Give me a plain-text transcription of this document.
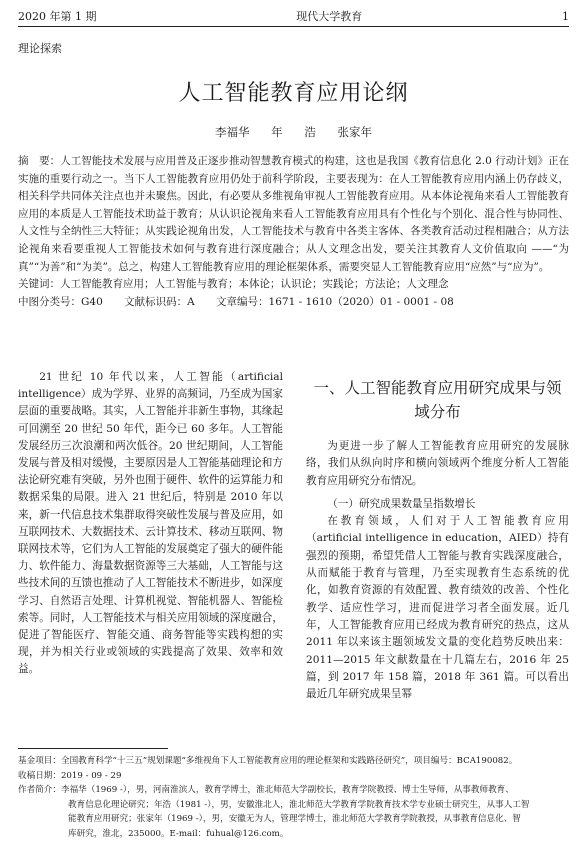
2020 年第 1 期	现代大学教育	1
理论探索
人工智能教育应用论纲
李福华 年 浩 张家年

摘　要：人工智能技术发展与应用普及正逐步推动智慧教育模式的构建，这也是我国《教育信息化 2.0 行动计划》正在实施的重要行动之一。当下人工智能教育应用仍处于前科学阶段，主要表现为：在人工智能教育应用内涵上仍存歧义，相关科学共同体关注点也并未聚焦。因此，有必要从多维视角审视人工智能教育应用。从本体论视角来看人工智能教育应用的本质是人工智能技术助益于教育；从认识论视角来看人工智能教育应用具有个性化与个别化、混合性与协同性、人文性与全纳性三大特征；从实践论视角出发，人工智能技术与教育中各类主客体、各类教育活动过程相融合；从方法论视角来看要重视人工智能技术如何与教育进行深度融合；从人文理念出发，要关注其教育人文价值取向 ——“为真”“为善”和“为美”。总之，构建人工智能教育应用的理论框架体系，需要突显人工智能教育应用“应然”与“应为”。

关键词：人工智能教育应用；人工智能与教育；本体论；认识论；实践论；方法论；人文理念

中图分类号：G40 文献标识码：A 文章编号：1671 - 1610（2020）01 - 0001 - 08

21 世纪 10 年代以来，人工智能（artificial intelligence）成为学界、业界的高频词，乃至成为国家层面的重要战略。其实，人工智能并非新生事物，其缘起可回溯至 20 世纪 50 年代，距今已 60 多年。人工智能发展经历三次浪潮和两次低谷。20 世纪期间，人工智能发展与普及相对缓慢，主要原因是人工智能基础理论和方法论研究难有突破，另外也囿于硬件、软件的运算能力和数据采集的局限。进入 21 世纪后，特别是 2010 年以来，新一代信息技术集群取得突破性发展与普及应用，如互联网技术、大数据技术、云计算技术、移动互联网、物联网技术等，它们为人工智能的发展奠定了强大的硬件能力、软件能力、海量数据资源等三大基础，人工智能与这些技术间的互馈也推动了人工智能技术不断进步，如深度学习、自然语言处理、计算机视觉、智能机器人、智能检索等。同时，人工智能技术与相关应用领域的深度融合，促进了智能医疗、智能交通、商务智能等实践构想的实现，并为相关行业或领域的实践提高了效果、效率和效益。

一、人工智能教育应用研究成果与领域分布

为更进一步了解人工智能教育应用研究的发展脉络，我们从纵向时序和横向领域两个维度分析人工智能教育应用研究分布情况。

（一）研究成果数量呈指数增长

在教育领域，人们对于人工智能教育应用（artificial intelligence in education，AIED）持有强烈的预期，希望凭借人工智能与教育实践深度融合，从而赋能于教育与管理，乃至实现教育生态系统的优化，如教育资源的有效配置、教育绩效的改善、个性化教学、适应性学习，进而促进学习者全面发展。近几年，人工智能教育应用已经成为教育研究的热点，这从 2011 年以来该主题领域发文量的变化趋势反映出来：2011—2015 年文献数量在十几篇左右，2016 年 25 篇，到 2017 年 158 篇，2018 年 361 篇。可以看出最近几年研究成果呈幂

基金项目：全国教育科学“十三五”规划课题“多维视角下人工智能教育应用的理论框架和实践路径研究”，项目编号：BCA190082。

收稿日期：2019 - 09 - 29

作者简介：李福华（1969 -），男，河南淮滨人，教育学博士，淮北师范大学副校长，教育学院教授、博士生导师，从事教师教育、

教育信息化理论研究；年浩（1981 -），男，安徽淮北人，淮北师范大学教育学院教育技术学专业硕士研究生，从事人工智

能教育应用研究；张家年（1969 -），男，安徽无为人，管理学博士，淮北师范大学教育学院教授，从事教育信息化、智

库研究，淮北，235000。E-mail：fuhual@126.com。
